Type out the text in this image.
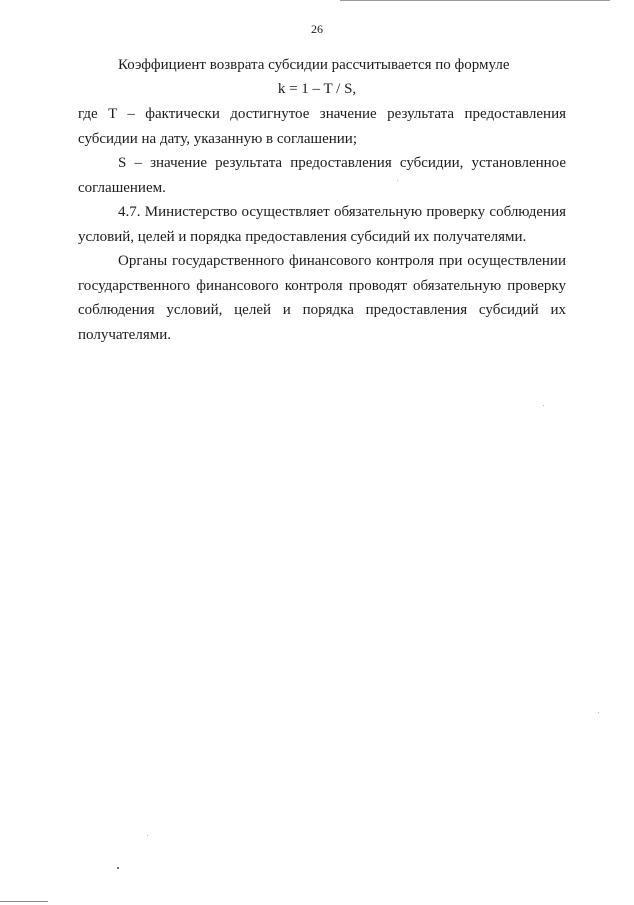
26
Коэффициент возврата субсидии рассчитывается по формуле
k = 1 – T / S,

где T – фактически достигнутое значение результата предоставления субсидии на дату, указанную в соглашении;

S – значение результата предоставления субсидии, установленное соглашением.

4.7. Министерство осуществляет обязательную проверку соблюдения условий, целей и порядка предоставления субсидий их получателями.

Органы государственного финансового контроля при осуществлении государственного финансового контроля проводят обязательную проверку соблюдения условий, целей и порядка предоставления субсидий их получателями.
